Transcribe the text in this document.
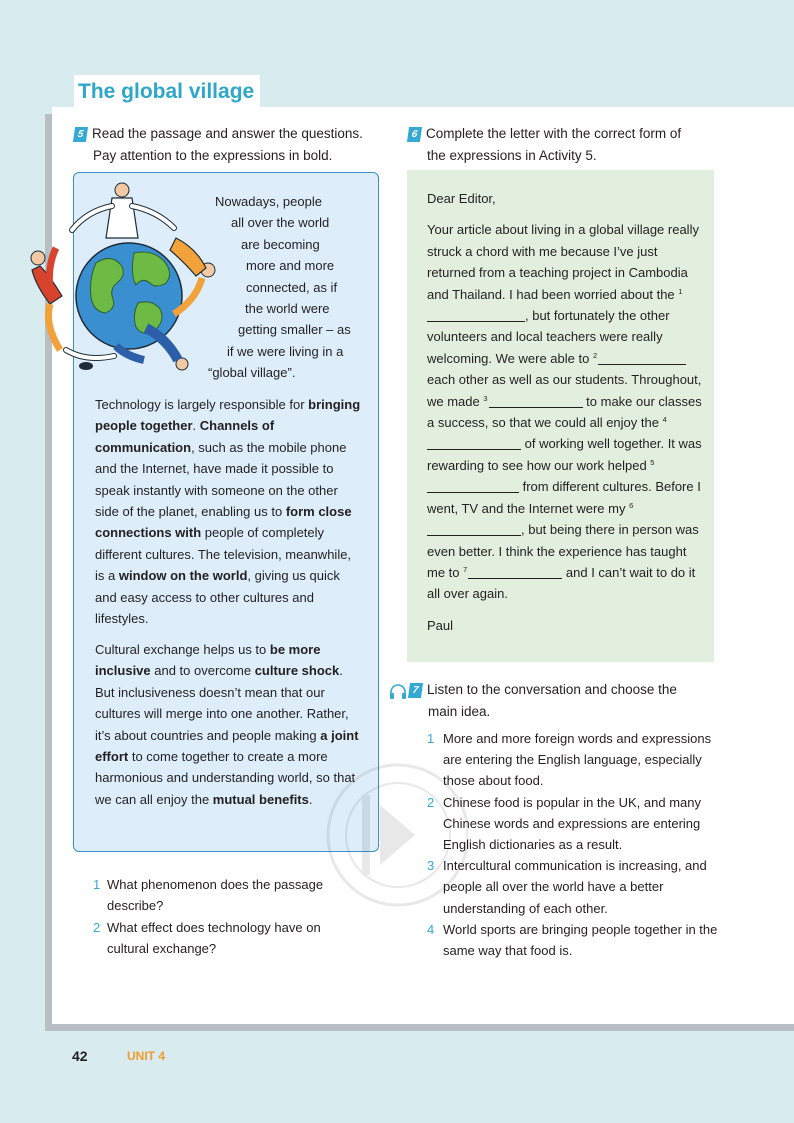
The global village
5 Read the passage and answer the questions.
Pay attention to the expressions in bold.
6 Complete the letter with the correct form of
the expressions in Activity 5.
Nowadays, people
all over the world
are becoming
more and more
connected, as if
the world were
getting smaller – as
if we were living in a
“global village”.
Technology is largely responsible for bringing people together. Channels of communication, such as the mobile phone and the Internet, have made it possible to speak instantly with someone on the other side of the planet, enabling us to form close connections with people of completely different cultures. The television, meanwhile, is a window on the world, giving us quick and easy access to other cultures and lifestyles.
Cultural exchange helps us to be more inclusive and to overcome culture shock. But inclusiveness doesn’t mean that our cultures will merge into one another. Rather, it’s about countries and people making a joint effort to come together to create a more harmonious and understanding world, so that we can all enjoy the mutual benefits.
1 What phenomenon does the passage describe?
2 What effect does technology have on cultural exchange?

Dear Editor,

Your article about living in a global village really struck a chord with me because I’ve just returned from a teaching project in Cambodia and Thailand. I had been worried about the $^1$, but fortunately the other volunteers and local teachers were really welcoming. We were able to $^2$ each other as well as our students. Throughout, we made $^3$	to make our classes a success, so that we could all enjoy the $^4$ of working well together. It was rewarding to see how our work helped $^5$ from different cultures. Before I went, TV and the Internet were my $^6$, but being there in person was even better. I think the experience has taught me to $^7$	and I can’t wait to do it all over again.

Paul

7 Listen to the conversation and choose the
main idea.
1 More and more foreign words and expressions are entering the English language, especially those about food.
2 Chinese food is popular in the UK, and many Chinese words and expressions are entering English dictionaries as a result.
3 Intercultural communication is increasing, and people all over the world have a better understanding of each other.
4 World sports are bringing people together in the same way that food is.
42	UNIT 4
